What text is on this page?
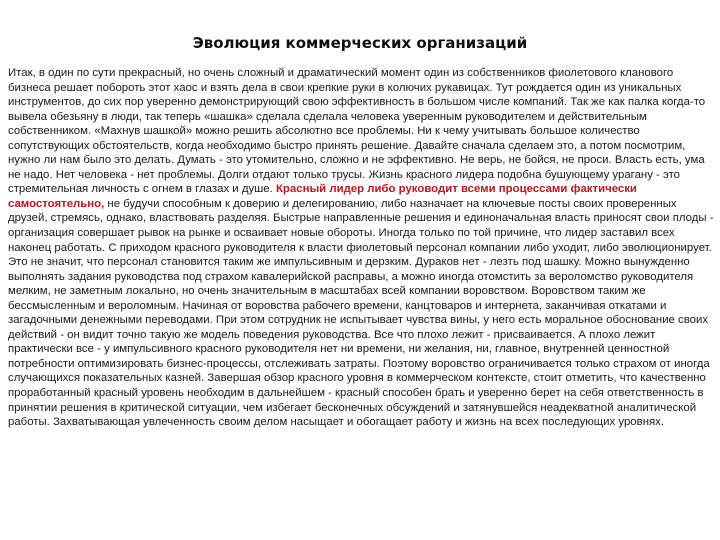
Эволюция коммерческих организаций

Итак, в один по сути прекрасный, но очень сложный и драматический момент один из собственников фиолетового кланового бизнеса решает побороть этот хаос и взять дела в свои крепкие руки в колючих рукавицах. Тут рождается один из уникальных инструментов, до сих пор уверенно демонстрирующий свою эффективность в большом числе компаний. Так же как палка когда-то вывела обезьяну в люди, так теперь «шашка» сделала сделала человека уверенным руководителем и действительным собственником. «Махнув шашкой» можно решить абсолютно все проблемы. Ни к чему учитывать большое количество сопутствующих обстоятельств, когда необходимо быстро принять решение. Давайте сначала сделаем это, а потом посмотрим, нужно ли нам было это делать. Думать - это утомительно, сложно и не эффективно. Не верь, не бойся, не проси. Власть есть, ума не надо. Нет человека - нет проблемы. Долги отдают только трусы. Жизнь красного лидера подобна бушующему урагану - это стремительная личность с огнем в глазах и душе. Красный лидер либо руководит всеми процессами фактически самостоятельно, не будучи способным к доверию и делегированию, либо назначает на ключевые посты своих проверенных друзей, стремясь, однако, властвовать разделяя. Быстрые направленные решения и единоначальная власть приносят свои плоды - организация совершает рывок на рынке и осваивает новые обороты. Иногда только по той причине, что лидер заставил всех наконец работать. С приходом красного руководителя к власти фиолетовый персонал компании либо уходит, либо эволюционирует. Это не значит, что персонал становится таким же импульсивным и дерзким. Дураков нет - лезть под шашку. Можно вынужденно выполнять задания руководства под страхом кавалерийской расправы, а можно иногда отомстить за вероломство руководителя мелким, не заметным локально, но очень значительным в масштабах всей компании воровством. Воровством таким же бессмысленным и вероломным. Начиная от воровства рабочего времени, канцтоваров и интернета, заканчивая откатами и загадочными денежными переводами. При этом сотрудник не испытывает чувства вины, у него есть моральное обоснование своих действий - он видит точно такую же модель поведения руководства. Все что плохо лежит - присваивается. А плохо лежит практически все - у импульсивного красного руководителя нет ни времени, ни желания, ни, главное, внутренней ценностной потребности оптимизировать бизнес-процессы, отслеживать затраты. Поэтому воровство ограничивается только страхом от иногда случающихся показательных казней. Завершая обзор красного уровня в коммерческом контексте, стоит отметить, что качественно проработанный красный уровень необходим в дальнейшем - красный способен брать и уверенно берет на себя ответственность в принятии решения в критической ситуации, чем избегает бесконечных обсуждений и затянувшейся неадекватной аналитической работы. Захватывающая увлеченность своим делом насыщает и обогащает работу и жизнь на всех последующих уровнях.
